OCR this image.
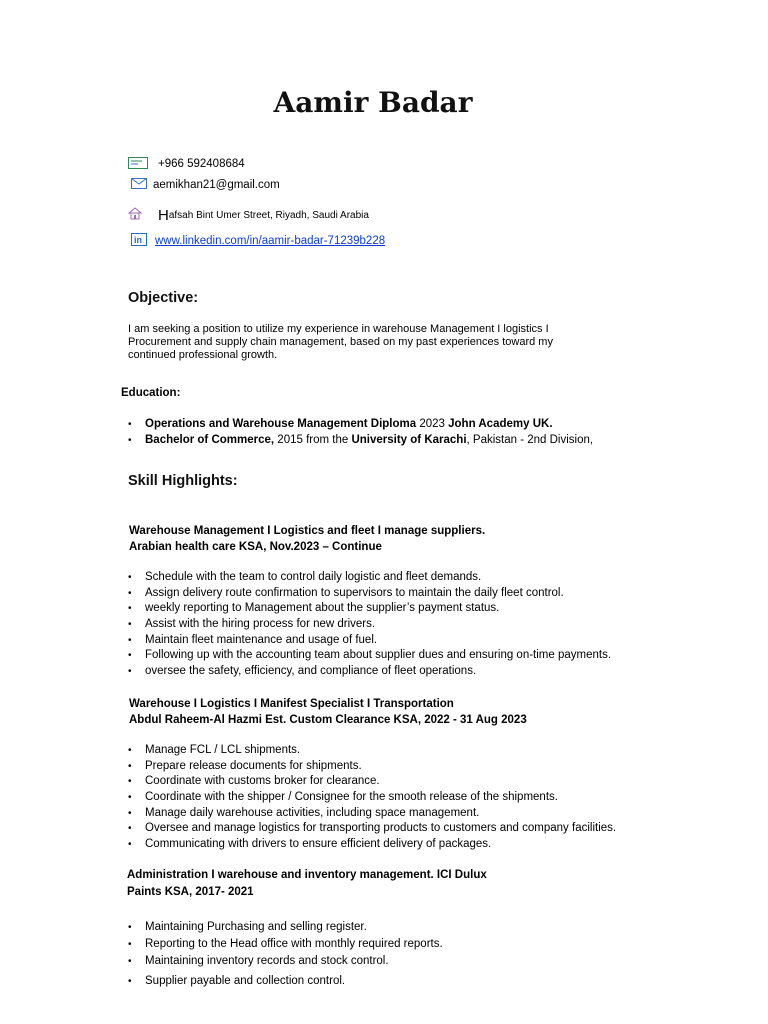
Aamir Badar
+966 592408684
aemikhan21@gmail.com
H afsah Bint Umer Street, Riyadh, Saudi Arabia
in www.linkedin.com/in/aamir-badar-71239b228
Objective:
I am seeking a position to utilize my experience in warehouse Management I logistics I Procurement and supply chain management, based on my past experiences toward my continued professional growth.
Education:
• Operations and Warehouse Management Diploma 2023 John Academy UK.
• Bachelor of Commerce, 2015 from the University of Karachi, Pakistan - 2nd Division,
Skill Highlights:
Warehouse Management I Logistics and fleet I manage suppliers.
Arabian health care KSA, Nov.2023 – Continue
• Schedule with the team to control daily logistic and fleet demands.
• Assign delivery route confirmation to supervisors to maintain the daily fleet control.
• weekly reporting to Management about the supplier’s payment status.
• Assist with the hiring process for new drivers.
• Maintain fleet maintenance and usage of fuel.
• Following up with the accounting team about supplier dues and ensuring on-time payments.
• oversee the safety, efficiency, and compliance of fleet operations.
Warehouse I Logistics I Manifest Specialist I Transportation
Abdul Raheem-Al Hazmi Est. Custom Clearance KSA, 2022 - 31 Aug 2023
• Manage FCL / LCL shipments.
• Prepare release documents for shipments.
• Coordinate with customs broker for clearance.
• Coordinate with the shipper / Consignee for the smooth release of the shipments.
• Manage daily warehouse activities, including space management.
• Oversee and manage logistics for transporting products to customers and company facilities.
• Communicating with drivers to ensure efficient delivery of packages.
Administration I warehouse and inventory management. ICI Dulux
Paints KSA, 2017- 2021
• Maintaining Purchasing and selling register.
• Reporting to the Head office with monthly required reports.
• Maintaining inventory records and stock control.
• Supplier payable and collection control.
